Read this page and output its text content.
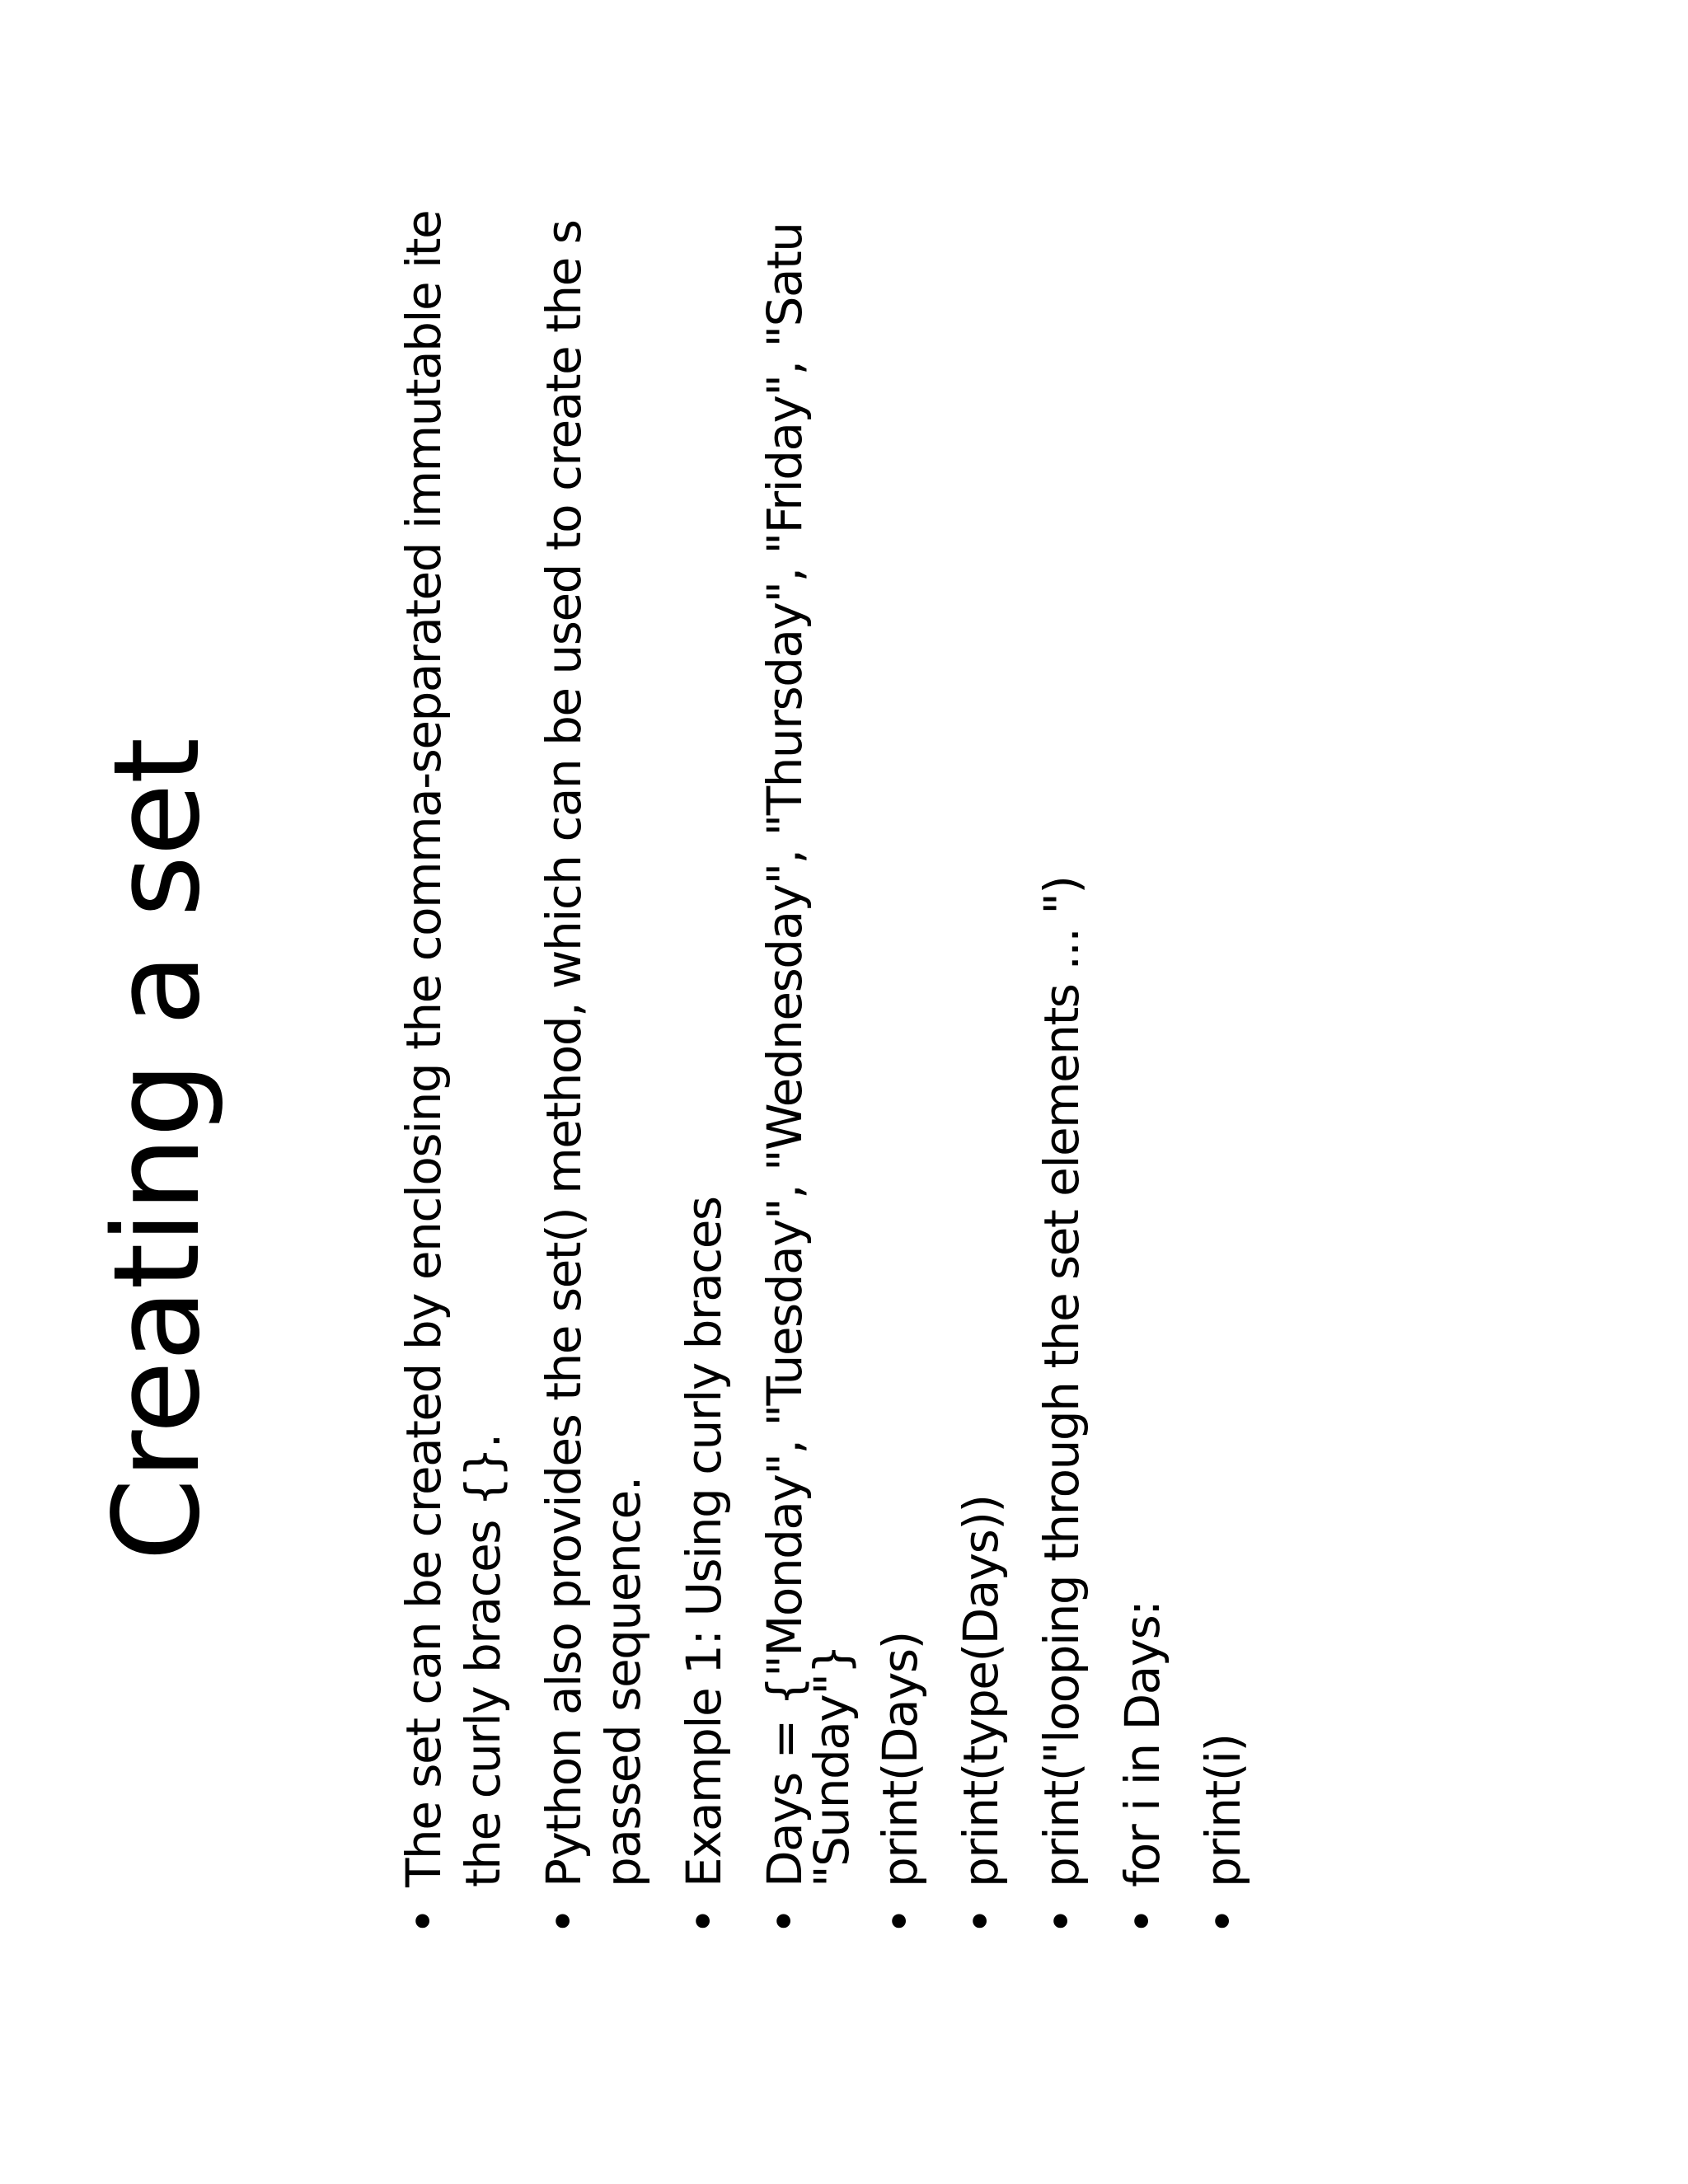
Creating a set	• The set can be created by enclosing the comma-separated immutable ite the curly braces {}. • Python also provides the set() method, which can be used to create the s passed sequence. • Example 1: Using curly braces • Days = {"Monday", "Tuesday", "Wednesday", "Thursday", "Friday", "Satu
"Sunday"} • print(Days) • print(type(Days)) • print("looping through the set elements ... ") • for i in Days: • print(i)
